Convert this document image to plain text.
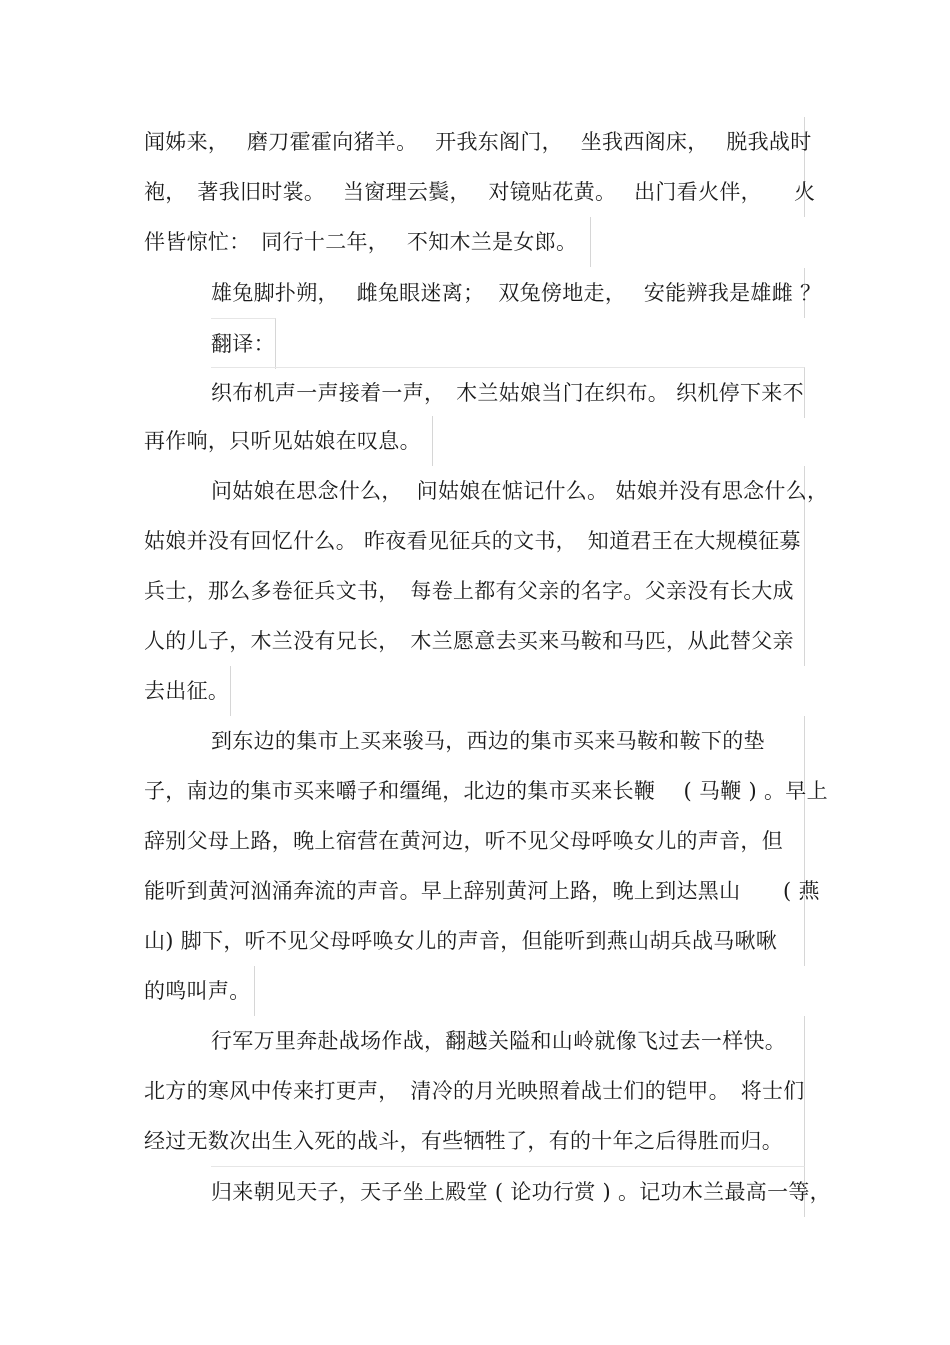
闻姊来，　 磨刀霍霍向猪羊。　 开我东阁门，　 坐我西阁床，　 脱我战时
袍，　著我旧时裳。　 当窗理云鬓，　 对镜贴花黄。　 出门看火伴，　　火
伴皆惊忙：　同行十二年，　 不知木兰是女郎。
雄兔脚扑朔，　 雌兔眼迷离；  双兔傍地走，　 安能辨我是雄雌 ？
翻译：
织布机声一声接着一声，　木兰姑娘当门在织布。 织机停下来不
再作响，只听见姑娘在叹息。
问姑娘在思念什么，  问姑娘在惦记什么。 姑娘并没有思念什么，
姑娘并没有回忆什么。 昨夜看见征兵的文书，　知道君王在大规模征募
兵士，那么多卷征兵文书，　每卷上都有父亲的名字。父亲没有长大成
人的儿子，木兰没有兄长，　木兰愿意去买来马鞍和马匹，从此替父亲
去出征。
到东边的集市上买来骏马，西边的集市买来马鞍和鞍下的垫
子，南边的集市买来嚼子和缰绳，北边的集市买来长鞭　 ( 马鞭 ) 。早上
辞别父母上路，晚上宿营在黄河边，听不见父母呼唤女儿的声音，但
能听到黄河汹涌奔流的声音。早上辞别黄河上路，晚上到达黑山　　( 燕
山) 脚下，听不见父母呼唤女儿的声音，但能听到燕山胡兵战马啾啾
的鸣叫声。
行军万里奔赴战场作战，翻越关隘和山岭就像飞过去一样快。
北方的寒风中传来打更声，　清冷的月光映照着战士们的铠甲。　将士们
经过无数次出生入死的战斗，有些牺牲了，有的十年之后得胜而归。
归来朝见天子，天子坐上殿堂 ( 论功行赏 ) 。记功木兰最高一等，
